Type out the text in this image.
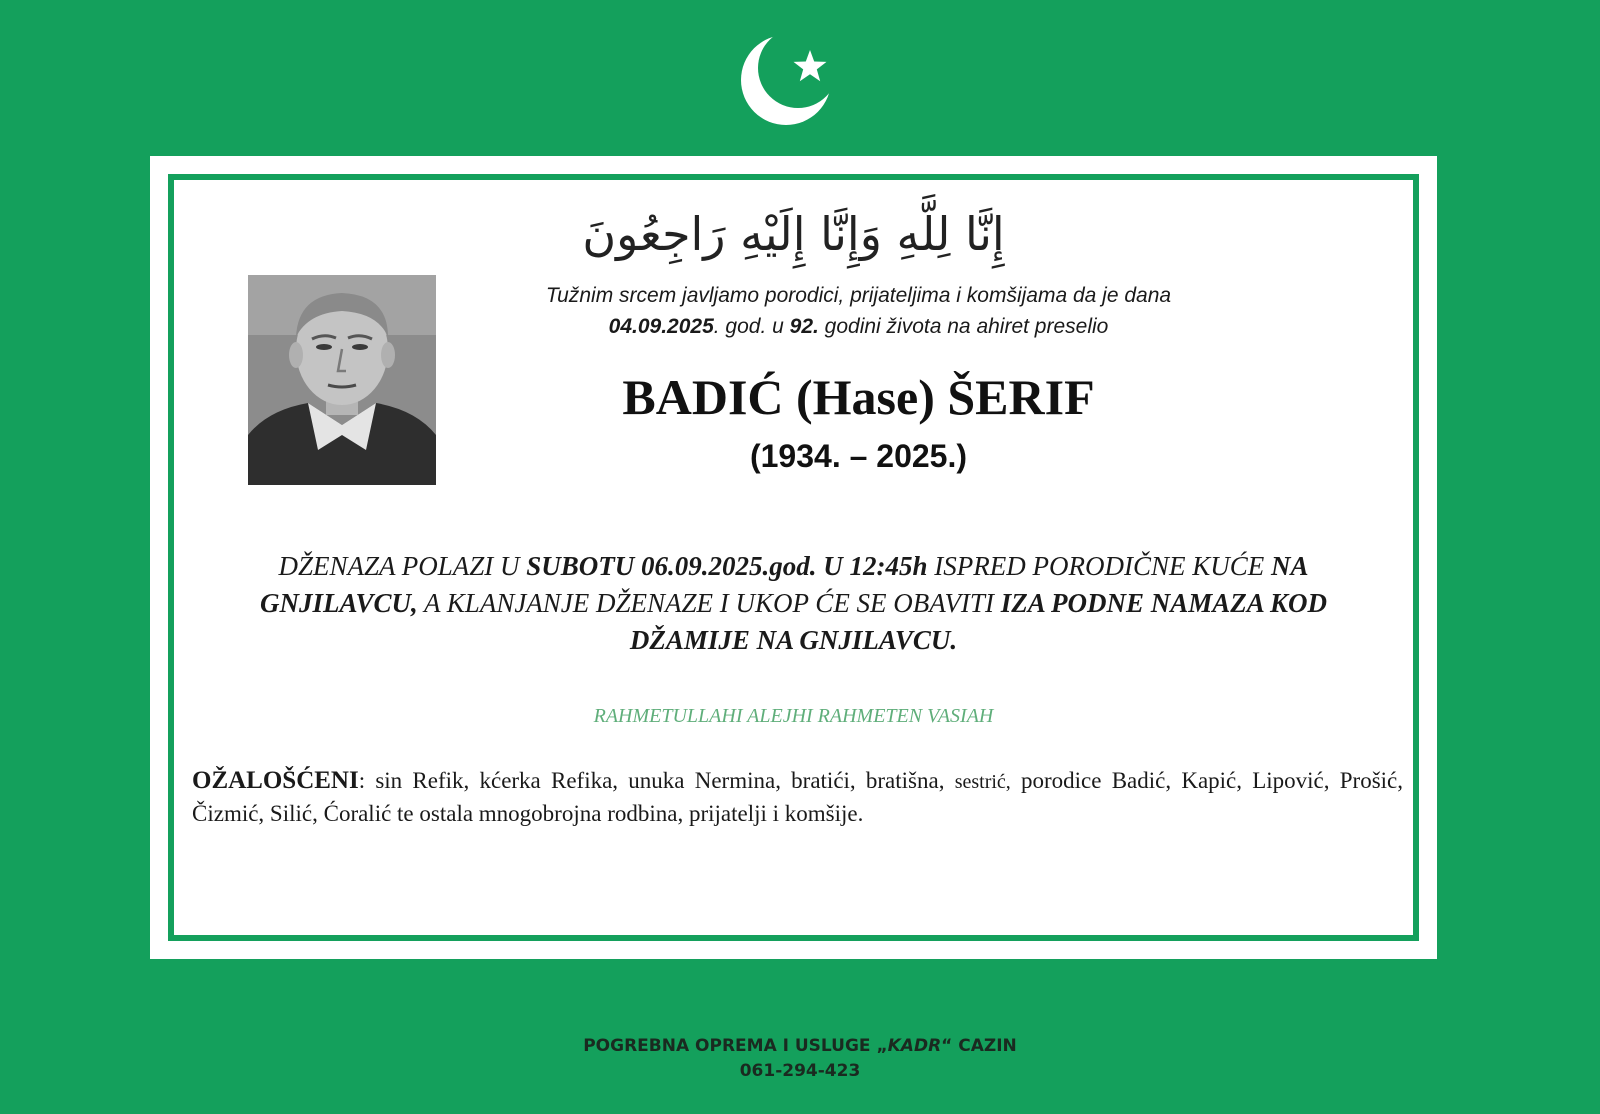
إِنَّا لِلَّهِ وَإِنَّا إِلَيْهِ رَاجِعُونَ
Tužnim srcem javljamo porodici, prijateljima i komšijama da je dana
04.09.2025. god. u 92. godini života na ahiret preselio
BADIĆ (Hase) ŠERIF
(1934. – 2025.)
DŽENAZA POLAZI U SUBOTU 06.09.2025.god. U 12:45h ISPRED PORODIČNE KUĆE NA GNJILAVCU, A KLANJANJE DŽENAZE I UKOP ĆE SE OBAVITI IZA PODNE NAMAZA KOD DŽAMIJE NA GNJILAVCU.
RAHMETULLAHI ALEJHI RAHMETEN VASIAH
OŽALOŠĆENI: sin Refik, kćerka Refika, unuka Nermina, bratići, bratišna, sestrić, porodice Badić, Kapić, Lipović, Prošić, Čizmić, Silić, Ćoralić te ostala mnogobrojna rodbina, prijatelji i komšije.
POGREBNA OPREMA I USLUGE „KADR“ CAZIN
061-294-423
